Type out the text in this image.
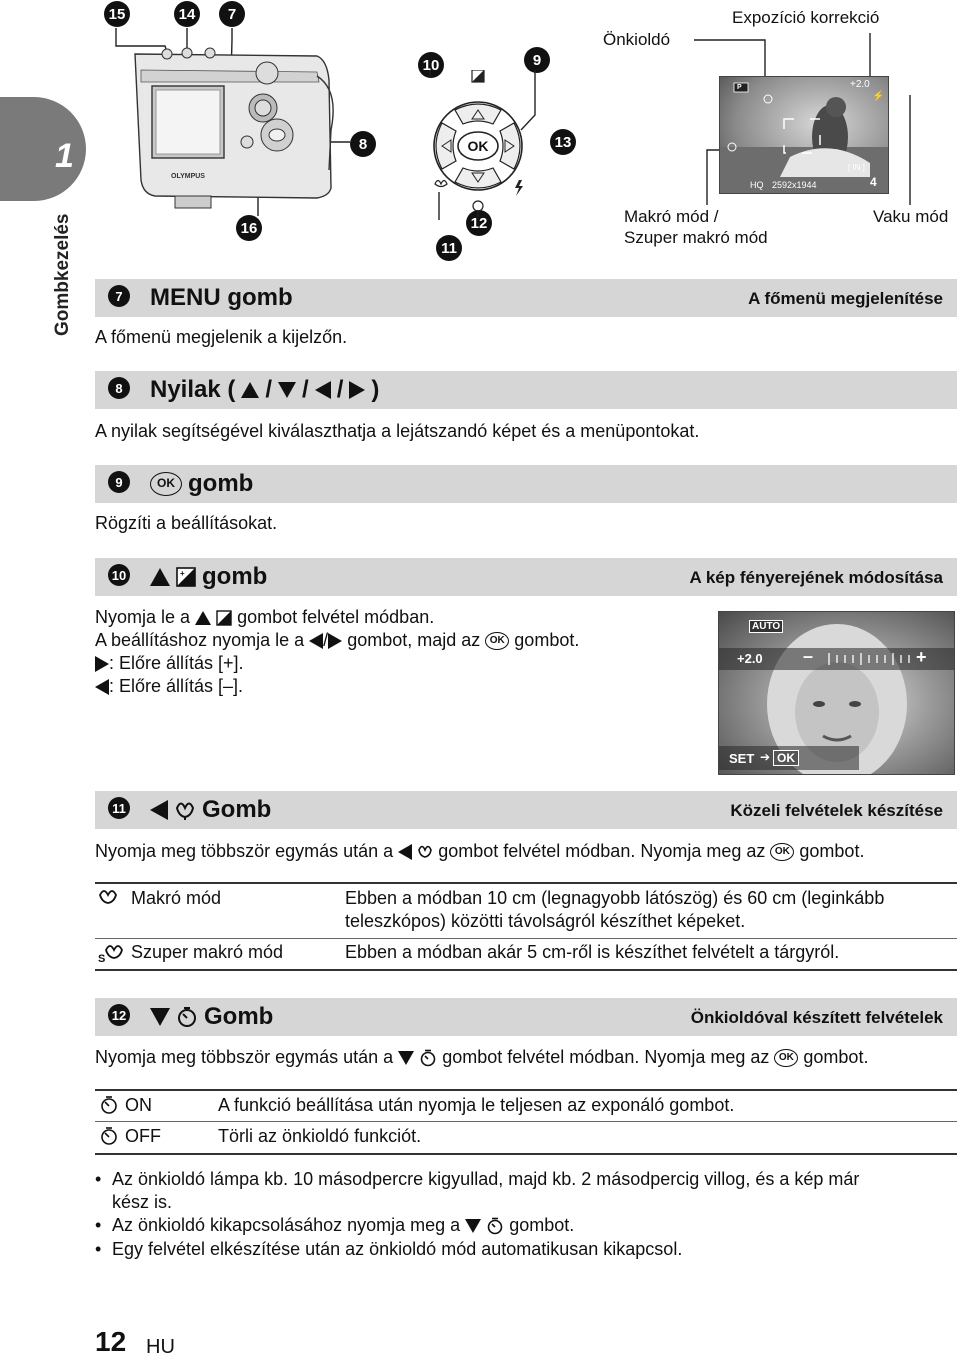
1
Gombkezelés
15	14	7
16
8
10	9
13
11
12
OLYMPUS
OK
Önkioldó
Expozíció korrekció
Makró mód /
Szuper makró mód
Vaku mód
P	+2.0
⚡
[ IN ]
HQ 2592x1944	4
7	MENU gomb	A főmenü megjelenítése
A főmenü megjelenik a kijelzőn.
8	Nyilak ( / / / )
A nyilak segítségével kiválaszthatja a lejátszandó képet és a menüpontokat.
9	OK gomb
Rögzíti a beállításokat.
10	+ gomb	A kép fényerejének módosítása
Nyomja le a	gombot felvétel módban.
A beállításhoz nyomja le a / gombot, majd az OK gombot.
: Előre állítás [+].
: Előre állítás [–].
AUTO
+2.0 –	+
SET ➔ OK
11	Gomb	Közeli felvételek készítése
Nyomja meg többször egymás után a	gombot felvétel módban. Nyomja meg az OK gombot.
Makró mód	Ebben a módban 10 cm (legnagyobb látószög) és 60 cm (leginkább
teleszkópos) közötti távolságról készíthet képeket.
S Szuper makró mód	Ebben a módban akár 5 cm-ről is készíthet felvételt a tárgyról.
12	Gomb	Önkioldóval készített felvételek
Nyomja meg többször egymás után a	gombot felvétel módban. Nyomja meg az OK gombot.
ON	A funkció beállítása után nyomja le teljesen az exponáló gombot.
OFF	Törli az önkioldó funkciót.
• Az önkioldó lámpa kb. 10 másodpercre kigyullad, majd kb. 2 másodpercig villog, és a kép már
kész is.
• Az önkioldó kikapcsolásához nyomja meg a	gombot.
• Egy felvétel elkészítése után az önkioldó mód automatikusan kikapcsol.
12 HU
